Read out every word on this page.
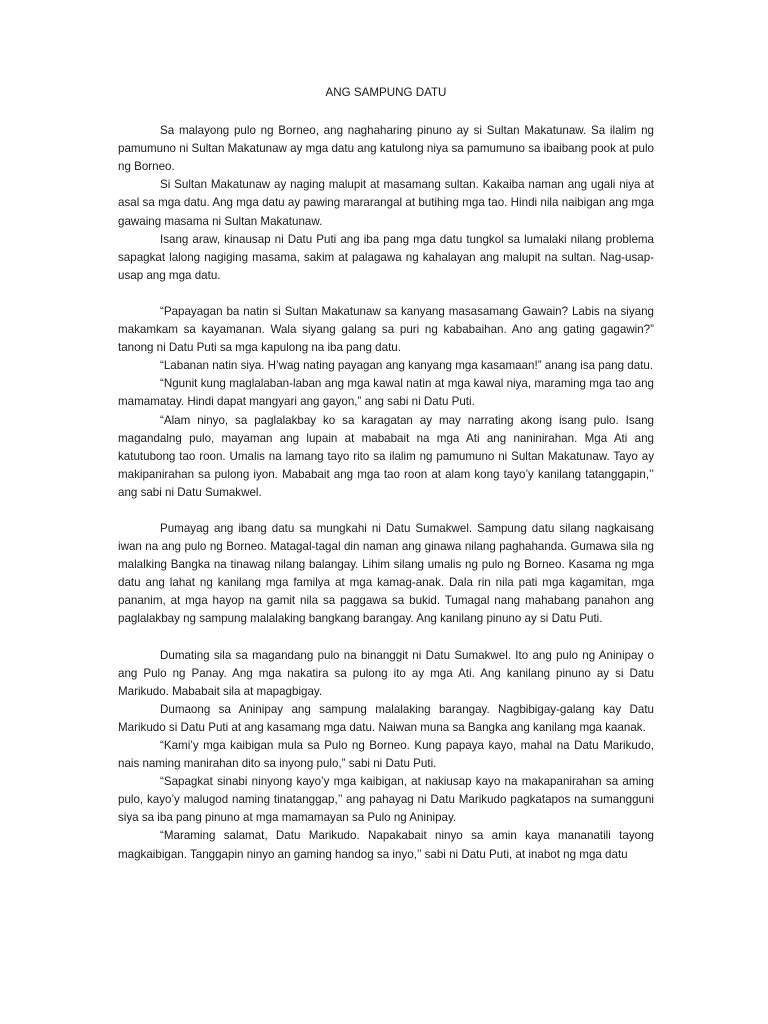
ANG SAMPUNG DATU

Sa malayong pulo ng Borneo, ang naghaharing pinuno ay si Sultan Makatunaw. Sa ilalim ng pamumuno ni Sultan Makatunaw ay mga datu ang katulong niya sa pamumuno sa ibaibang pook at pulo ng Borneo.

Si Sultan Makatunaw ay naging malupit at masamang sultan. Kakaiba naman ang ugali niya at asal sa mga datu. Ang mga datu ay pawing mararangal at butihing mga tao. Hindi nila naibigan ang mga gawaing masama ni Sultan Makatunaw.

Isang araw, kinausap ni Datu Puti ang iba pang mga datu tungkol sa lumalaki nilang problema sapagkat lalong nagiging masama, sakim at palagawa ng kahalayan ang malupit na sultan. Nag-usap-usap ang mga datu.

“Papayagan ba natin si Sultan Makatunaw sa kanyang masasamang Gawain? Labis na siyang makamkam sa kayamanan. Wala siyang galang sa puri ng kababaihan. Ano ang gating gagawin?” tanong ni Datu Puti sa mga kapulong na iba pang datu.

“Labanan natin siya. H’wag nating payagan ang kanyang mga kasamaan!” anang isa pang datu.

“Ngunit kung maglalaban-laban ang mga kawal natin at mga kawal niya, maraming mga tao ang mamamatay. Hindi dapat mangyari ang gayon,” ang sabi ni Datu Puti.

“Alam ninyo, sa paglalakbay ko sa karagatan ay may narrating akong isang pulo. Isang magandalng pulo, mayaman ang lupain at mababait na mga Ati ang naninirahan. Mga Ati ang katutubong tao roon. Umalis na lamang tayo rito sa ilalim ng pamumuno ni Sultan Makatunaw. Tayo ay makipanirahan sa pulong iyon. Mababait ang mga tao roon at alam kong tayo’y kanilang tatanggapin,’’ ang sabi ni Datu Sumakwel.

Pumayag ang ibang datu sa mungkahi ni Datu Sumakwel. Sampung datu silang nagkaisang iwan na ang pulo ng Borneo. Matagal-tagal din naman ang ginawa nilang paghahanda. Gumawa sila ng malalking Bangka na tinawag nilang balangay. Lihim silang umalis ng pulo ng Borneo. Kasama ng mga datu ang lahat ng kanilang mga familya at mga kamag-anak. Dala rin nila pati mga kagamitan, mga pananim, at mga hayop na gamit nila sa paggawa sa bukid. Tumagal nang mahabang panahon ang paglalakbay ng sampung malalaking bangkang barangay. Ang kanilang pinuno ay si Datu Puti.

Dumating sila sa magandang pulo na binanggit ni Datu Sumakwel. Ito ang pulo ng Aninipay o ang Pulo ng Panay. Ang mga nakatira sa pulong ito ay mga Ati. Ang kanilang pinuno ay si Datu Marikudo. Mababait sila at mapagbigay.

Dumaong sa Aninipay ang sampung malalaking barangay. Nagbibigay-galang kay Datu Marikudo si Datu Puti at ang kasamang mga datu. Naiwan muna sa Bangka ang kanilang mga kaanak.

“Kami’y mga kaibigan mula sa Pulo ng Borneo. Kung papaya kayo, mahal na Datu Marikudo, nais naming manirahan dito sa inyong pulo,” sabi ni Datu Puti.

“Sapagkat sinabi ninyong kayo’y mga kaibigan, at nakiusap kayo na makapanirahan sa aming pulo, kayo’y malugod naming tinatanggap,’’ ang pahayag ni Datu Marikudo pagkatapos na sumangguni siya sa iba pang pinuno at mga mamamayan sa Pulo ng Aninipay.

“Maraming salamat, Datu Marikudo. Napakabait ninyo sa amin kaya mananatili tayong magkaibigan. Tanggapin ninyo an gaming handog sa inyo,’’ sabi ni Datu Puti, at inabot ng mga datu
